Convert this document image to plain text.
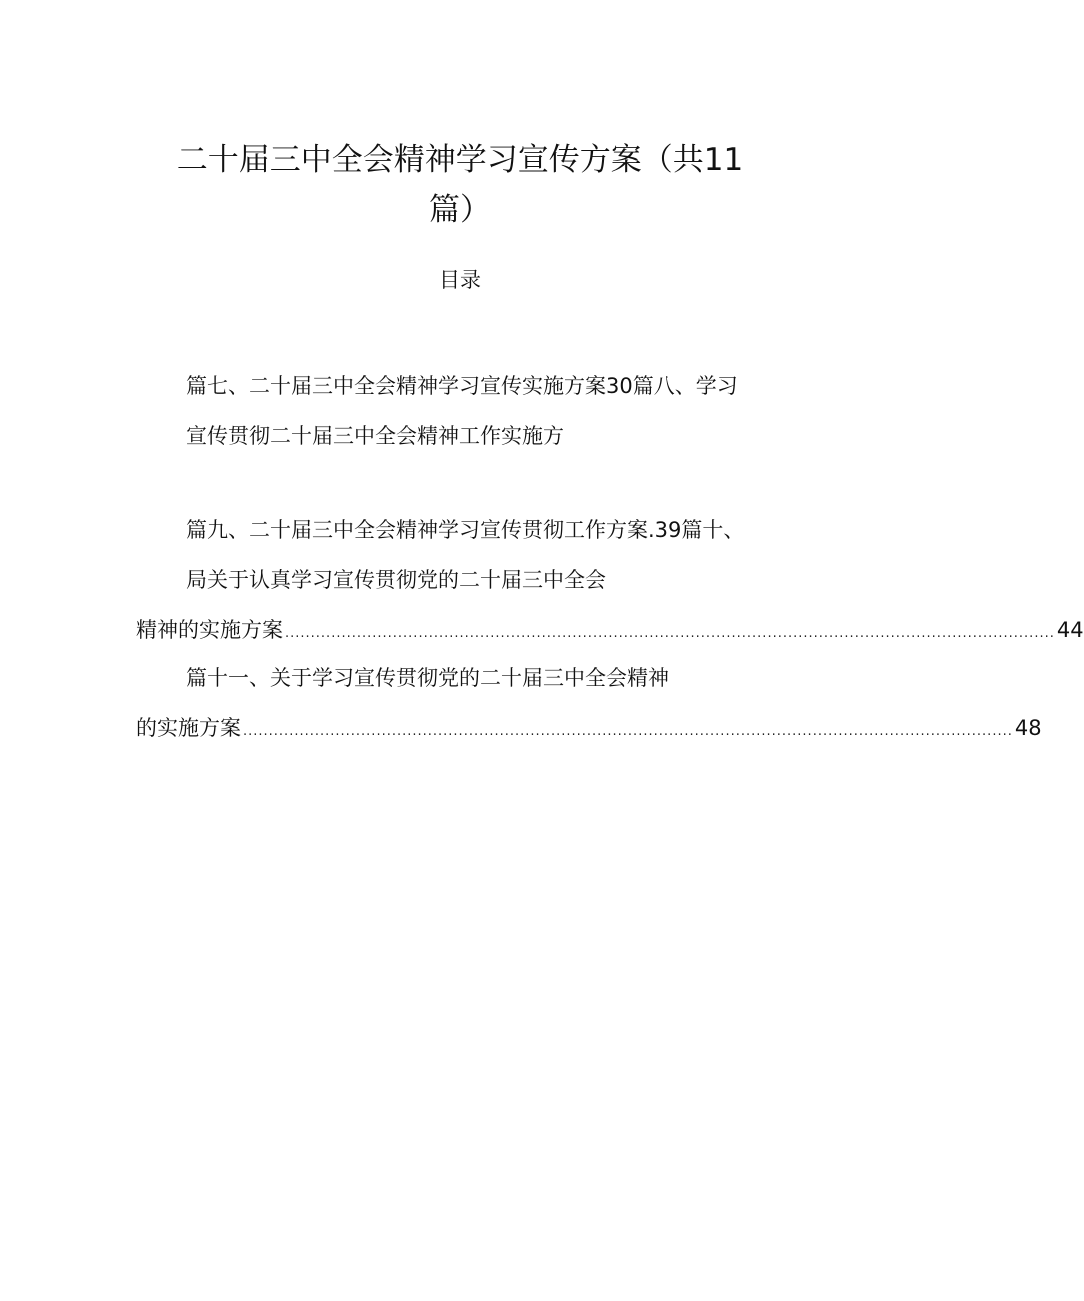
二十届三中全会精神学习宣传方案（共11
篇）
目录
篇七、二十届三中全会精神学习宣传实施方案30篇八、学习
宣传贯彻二十届三中全会精神工作实施方
篇九、二十届三中全会精神学习宣传贯彻工作方案.39篇十、
局关于认真学习宣传贯彻党的二十届三中全会
精神的实施方案 ...................................................................................................................................................... 44
篇十一、关于学习宣传贯彻党的二十届三中全会精神
的实施方案 ...................................................................................................................................................... 48
